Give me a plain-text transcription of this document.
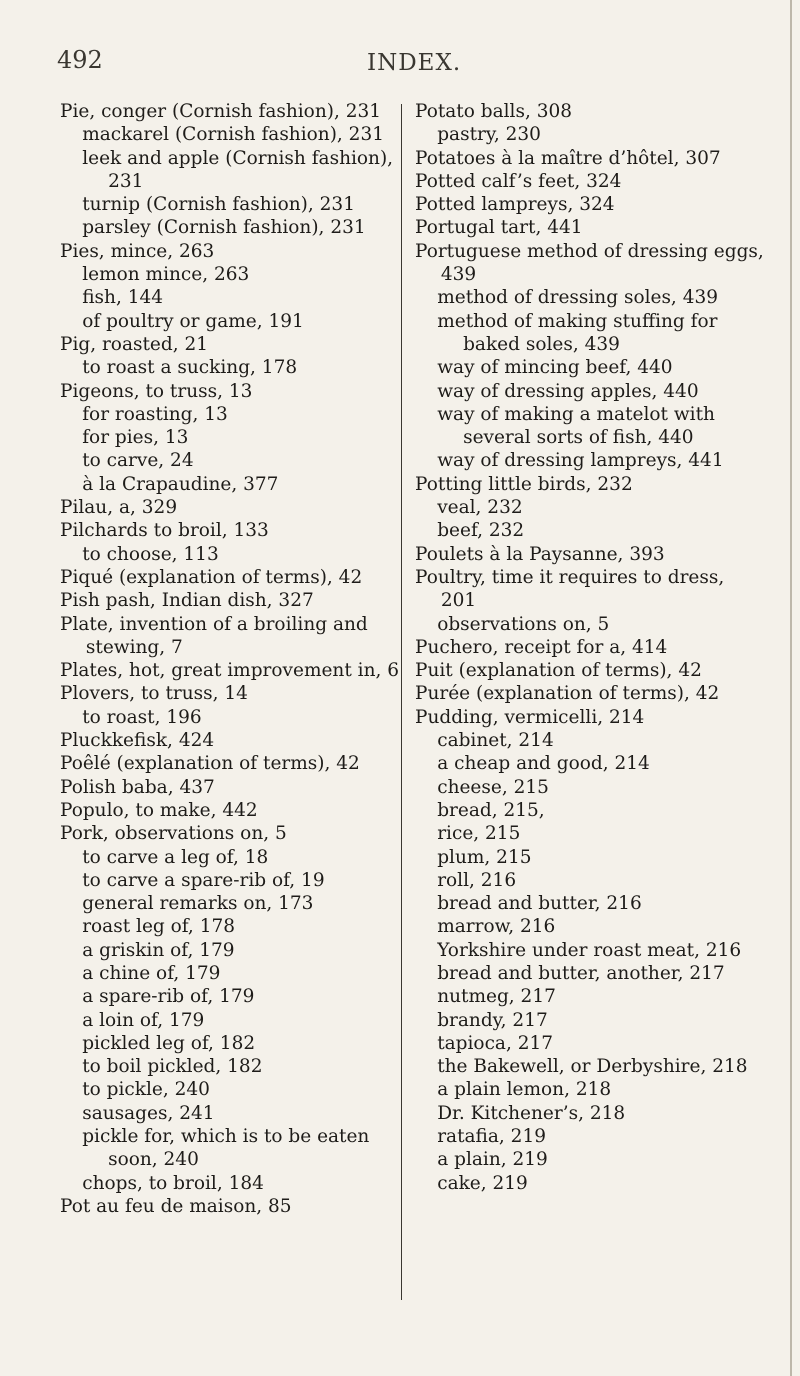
492	INDEX.

Pie, conger (Cornish fashion), 231

mackarel (Cornish fashion), 231

leek and apple (Cornish fashion), 231

turnip (Cornish fashion), 231

parsley (Cornish fashion), 231

Pies, mince, 263

lemon mince, 263

fish, 144

of poultry or game, 191

Pig, roasted, 21

to roast a sucking, 178

Pigeons, to truss, 13

for roasting, 13

for pies, 13

to carve, 24

à la Crapaudine, 377

Pilau, a, 329

Pilchards to broil, 133

to choose, 113

Piqué (explanation of terms), 42

Pish pash, Indian dish, 327

Plate, invention of a broiling and stewing, 7

Plates, hot, great improvement in, 6

Plovers, to truss, 14

to roast, 196

Pluckkefisk, 424

Poêlé (explanation of terms), 42

Polish baba, 437

Populo, to make, 442

Pork, observations on, 5

to carve a leg of, 18

to carve a spare-rib of, 19

general remarks on, 173

roast leg of, 178

a griskin of, 179

a chine of, 179

a spare-rib of, 179

a loin of, 179

pickled leg of, 182

to boil pickled, 182

to pickle, 240

sausages, 241

pickle for, which is to be eaten soon, 240

chops, to broil, 184

Pot au feu de maison, 85

Potato balls, 308

pastry, 230

Potatoes à la maître d’hôtel, 307

Potted calf’s feet, 324

Potted lampreys, 324

Portugal tart, 441

Portuguese method of dressing eggs, 439

method of dressing soles, 439

method of making stuffing for baked soles, 439

way of mincing beef, 440

way of dressing apples, 440

way of making a matelot with several sorts of fish, 440

way of dressing lampreys, 441

Potting little birds, 232

veal, 232

beef, 232

Poulets à la Paysanne, 393

Poultry, time it requires to dress, 201

observations on, 5

Puchero, receipt for a, 414

Puit (explanation of terms), 42

Purée (explanation of terms), 42

Pudding, vermicelli, 214

cabinet, 214

a cheap and good, 214

cheese, 215

bread, 215,

rice, 215

plum, 215

roll, 216

bread and butter, 216

marrow, 216

Yorkshire under roast meat, 216

bread and butter, another, 217

nutmeg, 217

brandy, 217

tapioca, 217

the Bakewell, or Derbyshire, 218

a plain lemon, 218

Dr. Kitchener’s, 218

ratafia, 219

a plain, 219

cake, 219
